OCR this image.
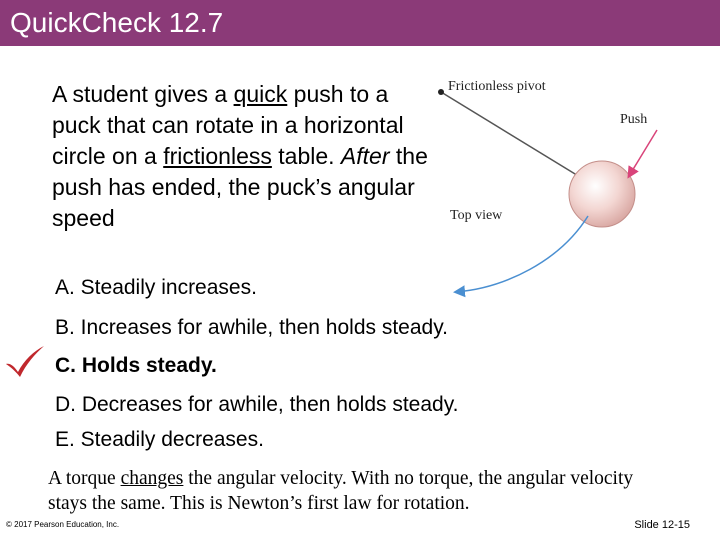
QuickCheck 12.7
A student gives a quick push to a puck that can rotate in a horizontal circle on a frictionless table. After the push has ended, the puck’s angular speed
Frictionless pivot
Push
Top view
A. Steadily increases.
B. Increases for awhile, then holds steady.
C. Holds steady.
D. Decreases for awhile, then holds steady.
E. Steadily decreases.
A torque changes the angular velocity. With no torque, the angular velocity stays the same. This is Newton’s first law for rotation.
© 2017 Pearson Education, Inc.	Slide 12-15
